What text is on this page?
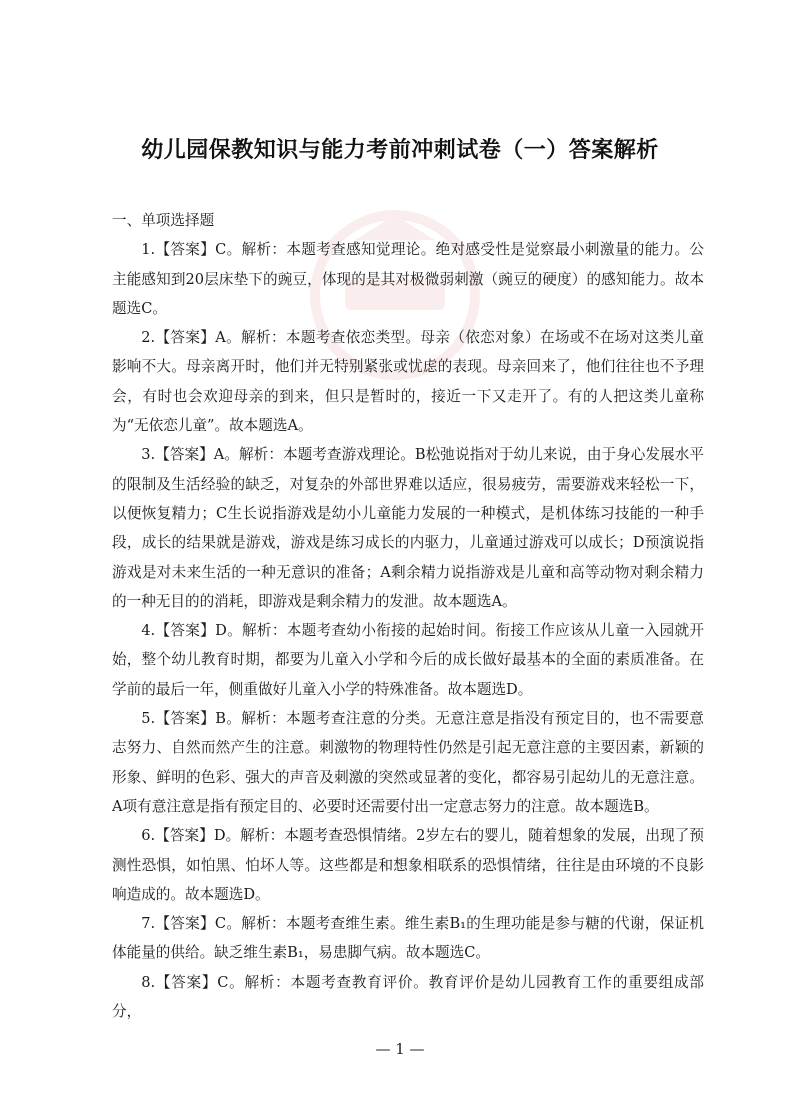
幼儿园保教知识与能力考前冲刺试卷（一）答案解析

一、单项选择题

1.【答案】C。解析：本题考查感知觉理论。绝对感受性是觉察最小刺激量的能力。公主能感知到20层床垫下的豌豆，体现的是其对极微弱刺激（豌豆的硬度）的感知能力。故本题选C。

2.【答案】A。解析：本题考查依恋类型。母亲（依恋对象）在场或不在场对这类儿童影响不大。母亲离开时，他们并无特别紧张或忧虑的表现。母亲回来了，他们往往也不予理会，有时也会欢迎母亲的到来，但只是暂时的，接近一下又走开了。有的人把这类儿童称为“无依恋儿童”。故本题选A。

3.【答案】A。解析：本题考查游戏理论。B松弛说指对于幼儿来说，由于身心发展水平的限制及生活经验的缺乏，对复杂的外部世界难以适应，很易疲劳，需要游戏来轻松一下，以便恢复精力；C生长说指游戏是幼小儿童能力发展的一种模式，是机体练习技能的一种手段，成长的结果就是游戏，游戏是练习成长的内驱力，儿童通过游戏可以成长；D预演说指游戏是对未来生活的一种无意识的准备；A剩余精力说指游戏是儿童和高等动物对剩余精力的一种无目的的消耗，即游戏是剩余精力的发泄。故本题选A。

4.【答案】D。解析：本题考查幼小衔接的起始时间。衔接工作应该从儿童一入园就开始，整个幼儿教育时期，都要为儿童入小学和今后的成长做好最基本的全面的素质准备。在学前的最后一年，侧重做好儿童入小学的特殊准备。故本题选D。

5.【答案】B。解析：本题考查注意的分类。无意注意是指没有预定目的，也不需要意志努力、自然而然产生的注意。刺激物的物理特性仍然是引起无意注意的主要因素，新颖的形象、鲜明的色彩、强大的声音及刺激的突然或显著的变化，都容易引起幼儿的无意注意。A项有意注意是指有预定目的、必要时还需要付出一定意志努力的注意。故本题选B。

6.【答案】D。解析：本题考查恐惧情绪。2岁左右的婴儿，随着想象的发展，出现了预测性恐惧，如怕黑、怕坏人等。这些都是和想象相联系的恐惧情绪，往往是由环境的不良影响造成的。故本题选D。

7.【答案】C。解析：本题考查维生素。维生素B₁的生理功能是参与糖的代谢，保证机体能量的供给。缺乏维生素B₁，易患脚气病。故本题选C。

8.【答案】C。解析：本题考查教育评价。教育评价是幼儿园教育工作的重要组成部分，

— 1 —
